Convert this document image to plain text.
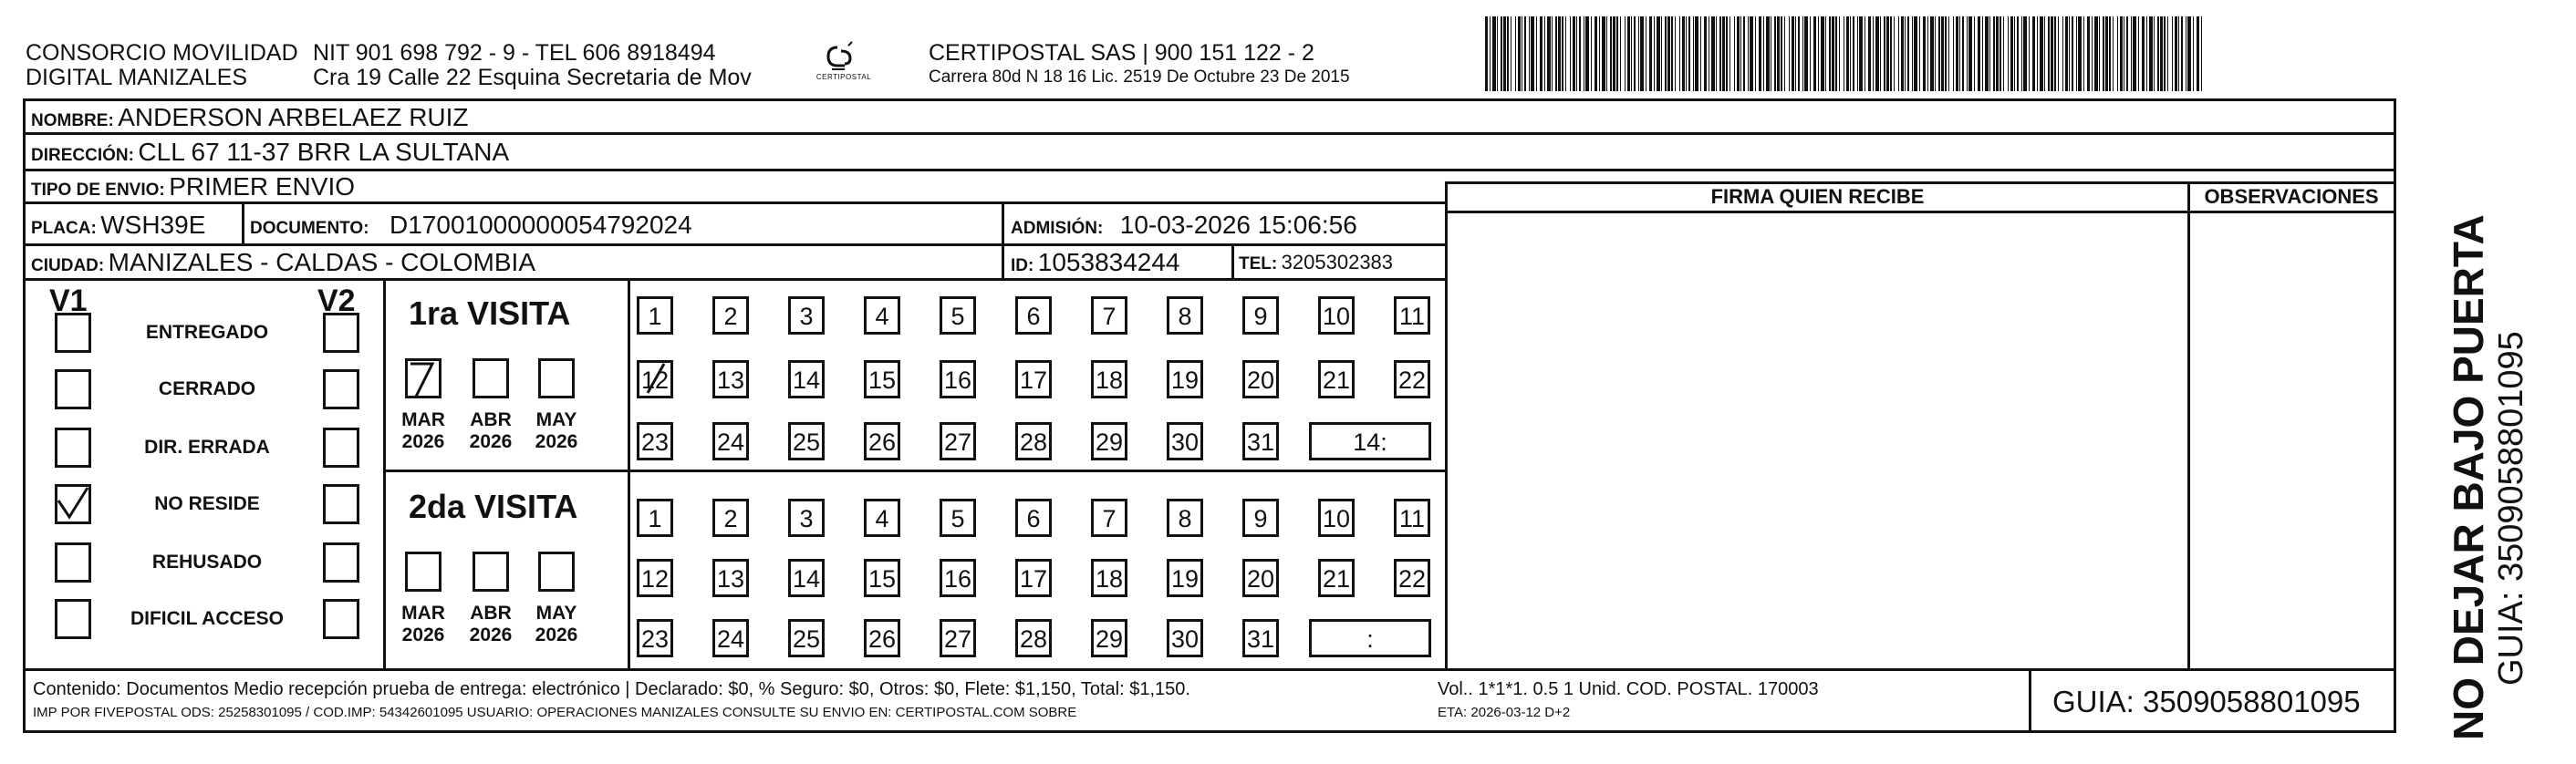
CONSORCIO MOVILIDAD
DIGITAL MANIZALES
NIT 901 698 792 - 9 - TEL 606 8918494
Cra 19 Calle 22 Esquina Secretaria de Mov	CERTIPOSTAL
CERTIPOSTAL SAS | 900 151 122 - 2
Carrera 80d N 18 16 Lic. 2519 De Octubre 23 De 2015
FIRMA QUIEN RECIBE	OBSERVACIONES
NOMBRE: ANDERSON ARBELAEZ RUIZ
DIRECCIÓN: CLL 67 11-37 BRR LA SULTANA
TIPO DE ENVIO: PRIMER ENVIO
PLACA: WSH39E	DOCUMENTO: D17001000000054792024	ADMISIÓN: 10-03-2026 15:06:56
CIUDAD: MANIZALES - CALDAS - COLOMBIA	ID: 1053834244	TEL: 3205302383
V1	V2
ENTREGADO
CERRADO
DIR. ERRADA
NO RESIDE
REHUSADO
DIFICIL ACCESO
1ra VISITA
2da VISITA
MAR
2026
ABR
2026
MAY
2026
MAR
2026
ABR
2026
MAY
2026
1	2	3	4	5	6	7	8	9	10 11
12 13 14 15 16 17 18 19 20 21 22
23 24 25 26 27 28 29 30 31	14:
1	2	3	4	5	6	7	8	9	10 11
12 13 14 15 16 17 18 19 20 21 22
23 24 25 26 27 28 29 30 31	:
Contenido: Documentos Medio recepción prueba de entrega: electrónico | Declarado: $0, % Seguro: $0, Otros: $0, Flete: $1,150, Total: $1,150.	Vol.. 1*1*1. 0.5 1 Unid. COD. POSTAL. 170003
IMP POR FIVEPOSTAL ODS: 25258301095 / COD.IMP: 54342601095 USUARIO: OPERACIONES MANIZALES CONSULTE SU ENVIO EN: CERTIPOSTAL.COM SOBRE	ETA: 2026-03-12 D+2	GUIA: 3509058801095 NO DEJAR BAJO PUERTA GUIA: 3509058801095
